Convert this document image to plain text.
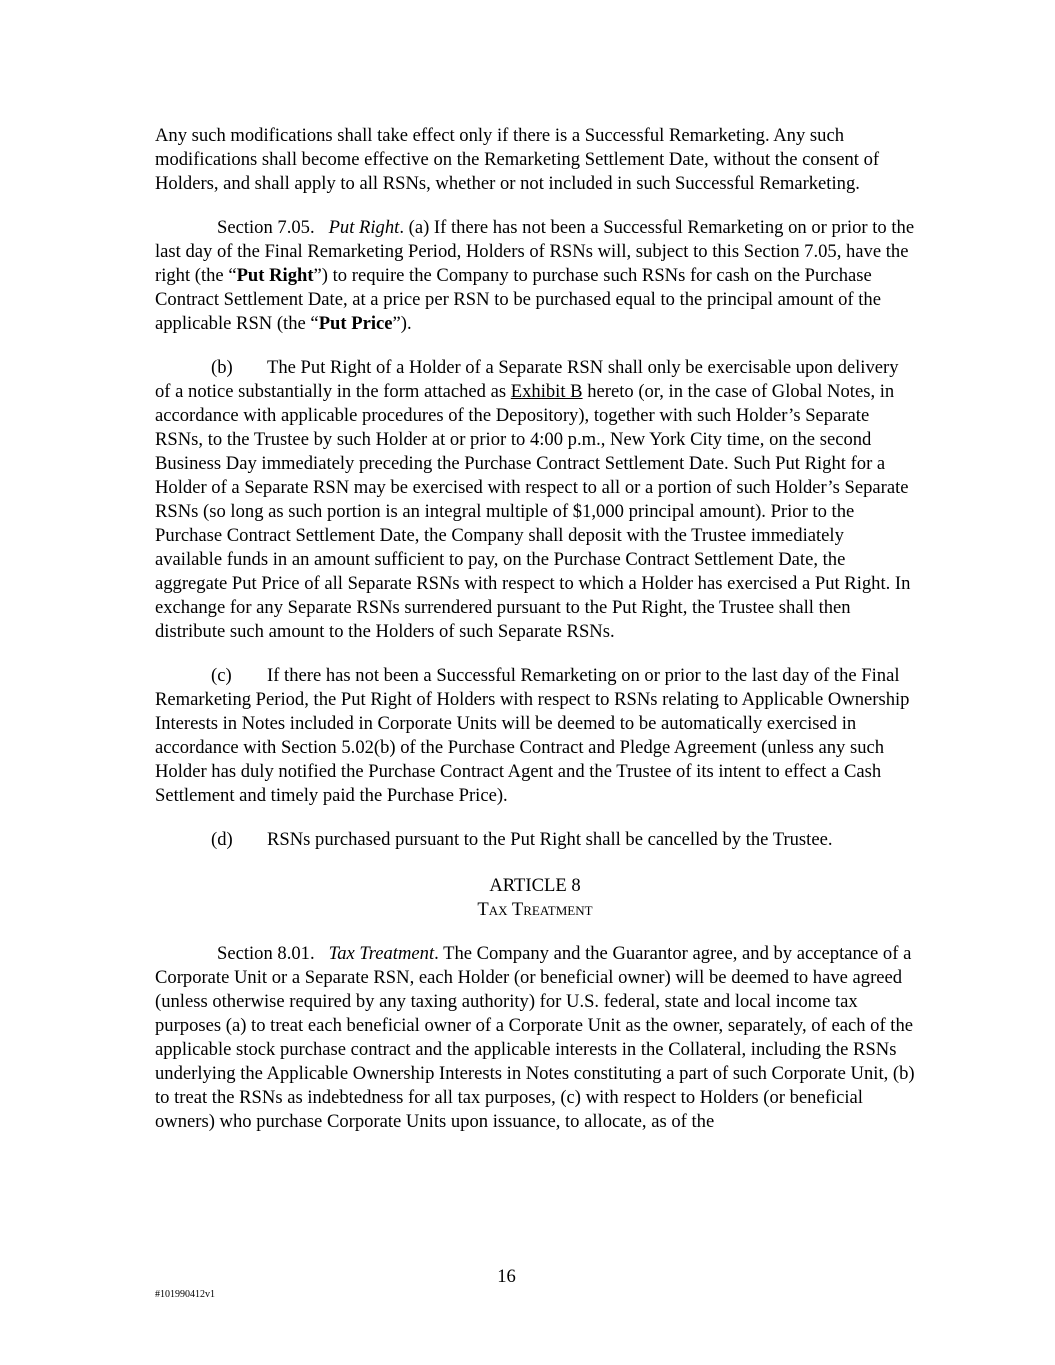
Any such modifications shall take effect only if there is a Successful Remarketing. Any such modifications shall become effective on the Remarketing Settlement Date, without the consent of Holders, and shall apply to all RSNs, whether or not included in such Successful Remarketing.

Section 7.05. Put Right. (a) If there has not been a Successful Remarketing on or prior to the last day of the Final Remarketing Period, Holders of RSNs will, subject to this Section 7.05, have the right (the “Put Right”) to require the Company to purchase such RSNs for cash on the Purchase Contract Settlement Date, at a price per RSN to be purchased equal to the principal amount of the applicable RSN (the “Put Price”).

(b) The Put Right of a Holder of a Separate RSN shall only be exercisable upon delivery of a notice substantially in the form attached as Exhibit B hereto (or, in the case of Global Notes, in accordance with applicable procedures of the Depository), together with such Holder’s Separate RSNs, to the Trustee by such Holder at or prior to 4:00 p.m., New York City time, on the second Business Day immediately preceding the Purchase Contract Settlement Date. Such Put Right for a Holder of a Separate RSN may be exercised with respect to all or a portion of such Holder’s Separate RSNs (so long as such portion is an integral multiple of $1,000 principal amount). Prior to the Purchase Contract Settlement Date, the Company shall deposit with the Trustee immediately available funds in an amount sufficient to pay, on the Purchase Contract Settlement Date, the aggregate Put Price of all Separate RSNs with respect to which a Holder has exercised a Put Right. In exchange for any Separate RSNs surrendered pursuant to the Put Right, the Trustee shall then distribute such amount to the Holders of such Separate RSNs.

(c) If there has not been a Successful Remarketing on or prior to the last day of the Final Remarketing Period, the Put Right of Holders with respect to RSNs relating to Applicable Ownership Interests in Notes included in Corporate Units will be deemed to be automatically exercised in accordance with Section 5.02(b) of the Purchase Contract and Pledge Agreement (unless any such Holder has duly notified the Purchase Contract Agent and the Trustee of its intent to effect a Cash Settlement and timely paid the Purchase Price).

(d) RSNs purchased pursuant to the Put Right shall be cancelled by the Trustee.

ARTICLE 8
Tax Treatment

Section 8.01. Tax Treatment. The Company and the Guarantor agree, and by acceptance of a Corporate Unit or a Separate RSN, each Holder (or beneficial owner) will be deemed to have agreed (unless otherwise required by any taxing authority) for U.S. federal, state and local income tax purposes (a) to treat each beneficial owner of a Corporate Unit as the owner, separately, of each of the applicable stock purchase contract and the applicable interests in the Collateral, including the RSNs underlying the Applicable Ownership Interests in Notes constituting a part of such Corporate Unit, (b) to treat the RSNs as indebtedness for all tax purposes, (c) with respect to Holders (or beneficial owners) who purchase Corporate Units upon issuance, to allocate, as of the

16
#101990412v1
